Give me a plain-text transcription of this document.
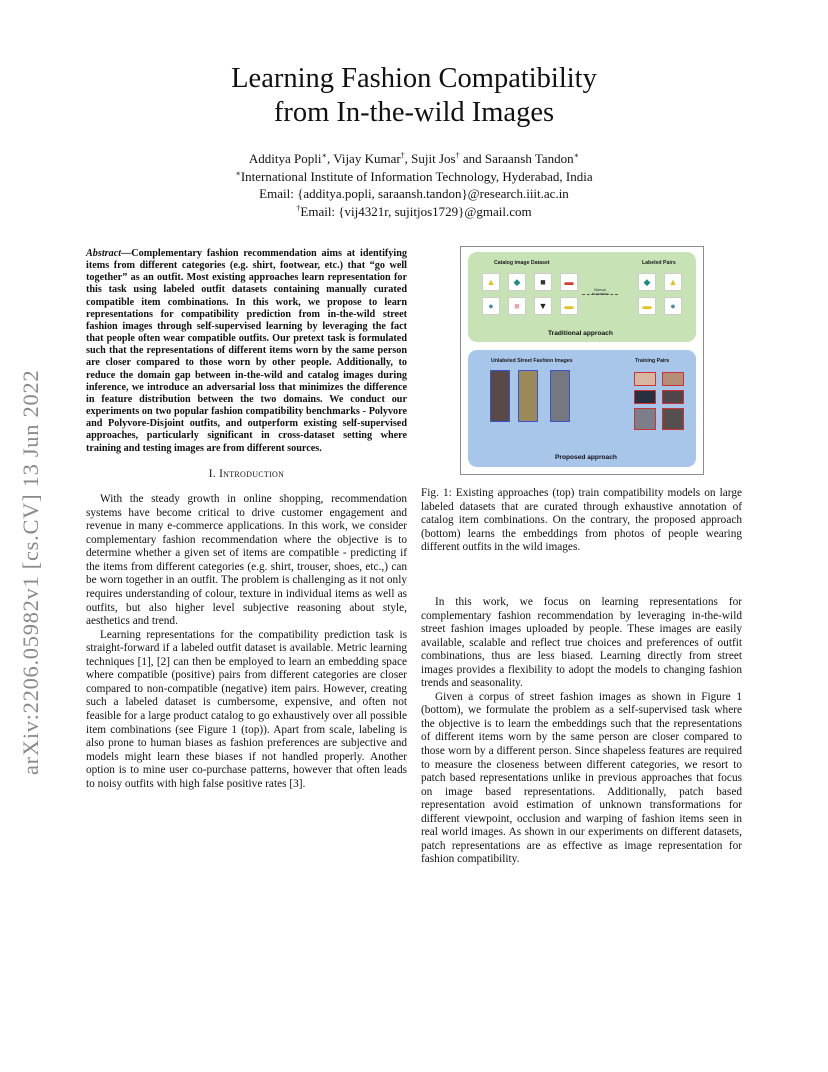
Learning Fashion Compatibility
from In-the-wild Images
Additya Popli∗, Vijay Kumar†, Sujit Jos† and Saraansh Tandon∗
∗International Institute of Information Technology, Hyderabad, India
Email: {additya.popli, saraansh.tandon}@research.iiit.ac.in
†Email: {vij4321r, sujitjos1729}@gmail.com
arXiv:2206.05982v1 [cs.CV] 13 Jun 2022
Abstract—Complementary fashion recommendation aims at identifying items from different categories (e.g. shirt, footwear, etc.) that “go well together” as an outfit. Most existing approaches learn representation for this task using labeled outfit datasets containing manually curated compatible item combinations. In this work, we propose to learn representations for compatibility prediction from in-the-wild street fashion images through self-supervised learning by leveraging the fact that people often wear compatible outfits. Our pretext task is formulated such that the representations of different items worn by the same person are closer compared to those worn by other people. Additionally, to reduce the domain gap between in-the-wild and catalog images during inference, we introduce an adversarial loss that minimizes the difference in feature distribution between the two domains. We conduct our experiments on two popular fashion compatibility benchmarks - Polyvore and Polyvore-Disjoint outfits, and outperform existing self-supervised approaches, particularly significant in cross-dataset setting where training and testing images are from different sources.
I. Introduction

With the steady growth in online shopping, recommendation systems have become critical to drive customer engagement and revenue in many e-commerce applications. In this work, we consider complementary fashion recommendation where the objective is to determine whether a given set of items are compatible - predicting if the items from different categories (e.g. shirt, trouser, shoes, etc.,) can be worn together in an outfit. The problem is challenging as it not only requires understanding of colour, texture in individual items as well as outfits, but also higher level subjective reasoning about style, aesthetics and trend.

Learning representations for the compatibility prediction task is straight-forward if a labeled outfit dataset is available. Metric learning techniques [1], [2] can then be employed to learn an embedding space where compatible (positive) pairs from different categories are closer compared to non-compatible (negative) item pairs. However, creating such a labeled dataset is cumbersome, expensive, and often not feasible for a large product catalog to go exhaustively over all possible item combinations (see Figure 1 (top)). Apart from scale, labeling is also prone to human biases as fashion preferences are subjective and models might learn these biases if not handled properly. Another option is to mine user co-purchase patterns, however that often leads to noisy outfits with high false positive rates [3].

Catalog image Dataset	Labeled Pairs
▲ ◆ ■ ▬
● ■ ▼ ▬
Manual
Annotation
◆ ▲
▬ ●
Traditional approach
Unlabeled Street Fashion Images	Training Pairs
Proposed approach

Fig. 1: Existing approaches (top) train compatibility models on large labeled datasets that are curated through exhaustive annotation of catalog item combinations. On the contrary, the proposed approach (bottom) learns the embeddings from photos of people wearing different outfits in the wild images.

In this work, we focus on learning representations for complementary fashion recommendation by leveraging in-the-wild street fashion images uploaded by people. These images are easily available, scalable and reflect true choices and preferences of outfit combinations, thus are less biased. Learning directly from street images provides a flexibility to adopt the models to changing fashion trends and seasonality.

Given a corpus of street fashion images as shown in Figure 1 (bottom), we formulate the problem as a self-supervised task where the objective is to learn the embeddings such that the representations of different items worn by the same person are closer compared to those worn by a different person. Since shapeless features are required to measure the closeness between different categories, we resort to patch based representations unlike in previous approaches that focus on image based representations. Additionally, patch based representation avoid estimation of unknown transformations for different viewpoint, occlusion and warping of fashion items seen in real world images. As shown in our experiments on different datasets, patch representations are as effective as image representation for fashion compatibility.
